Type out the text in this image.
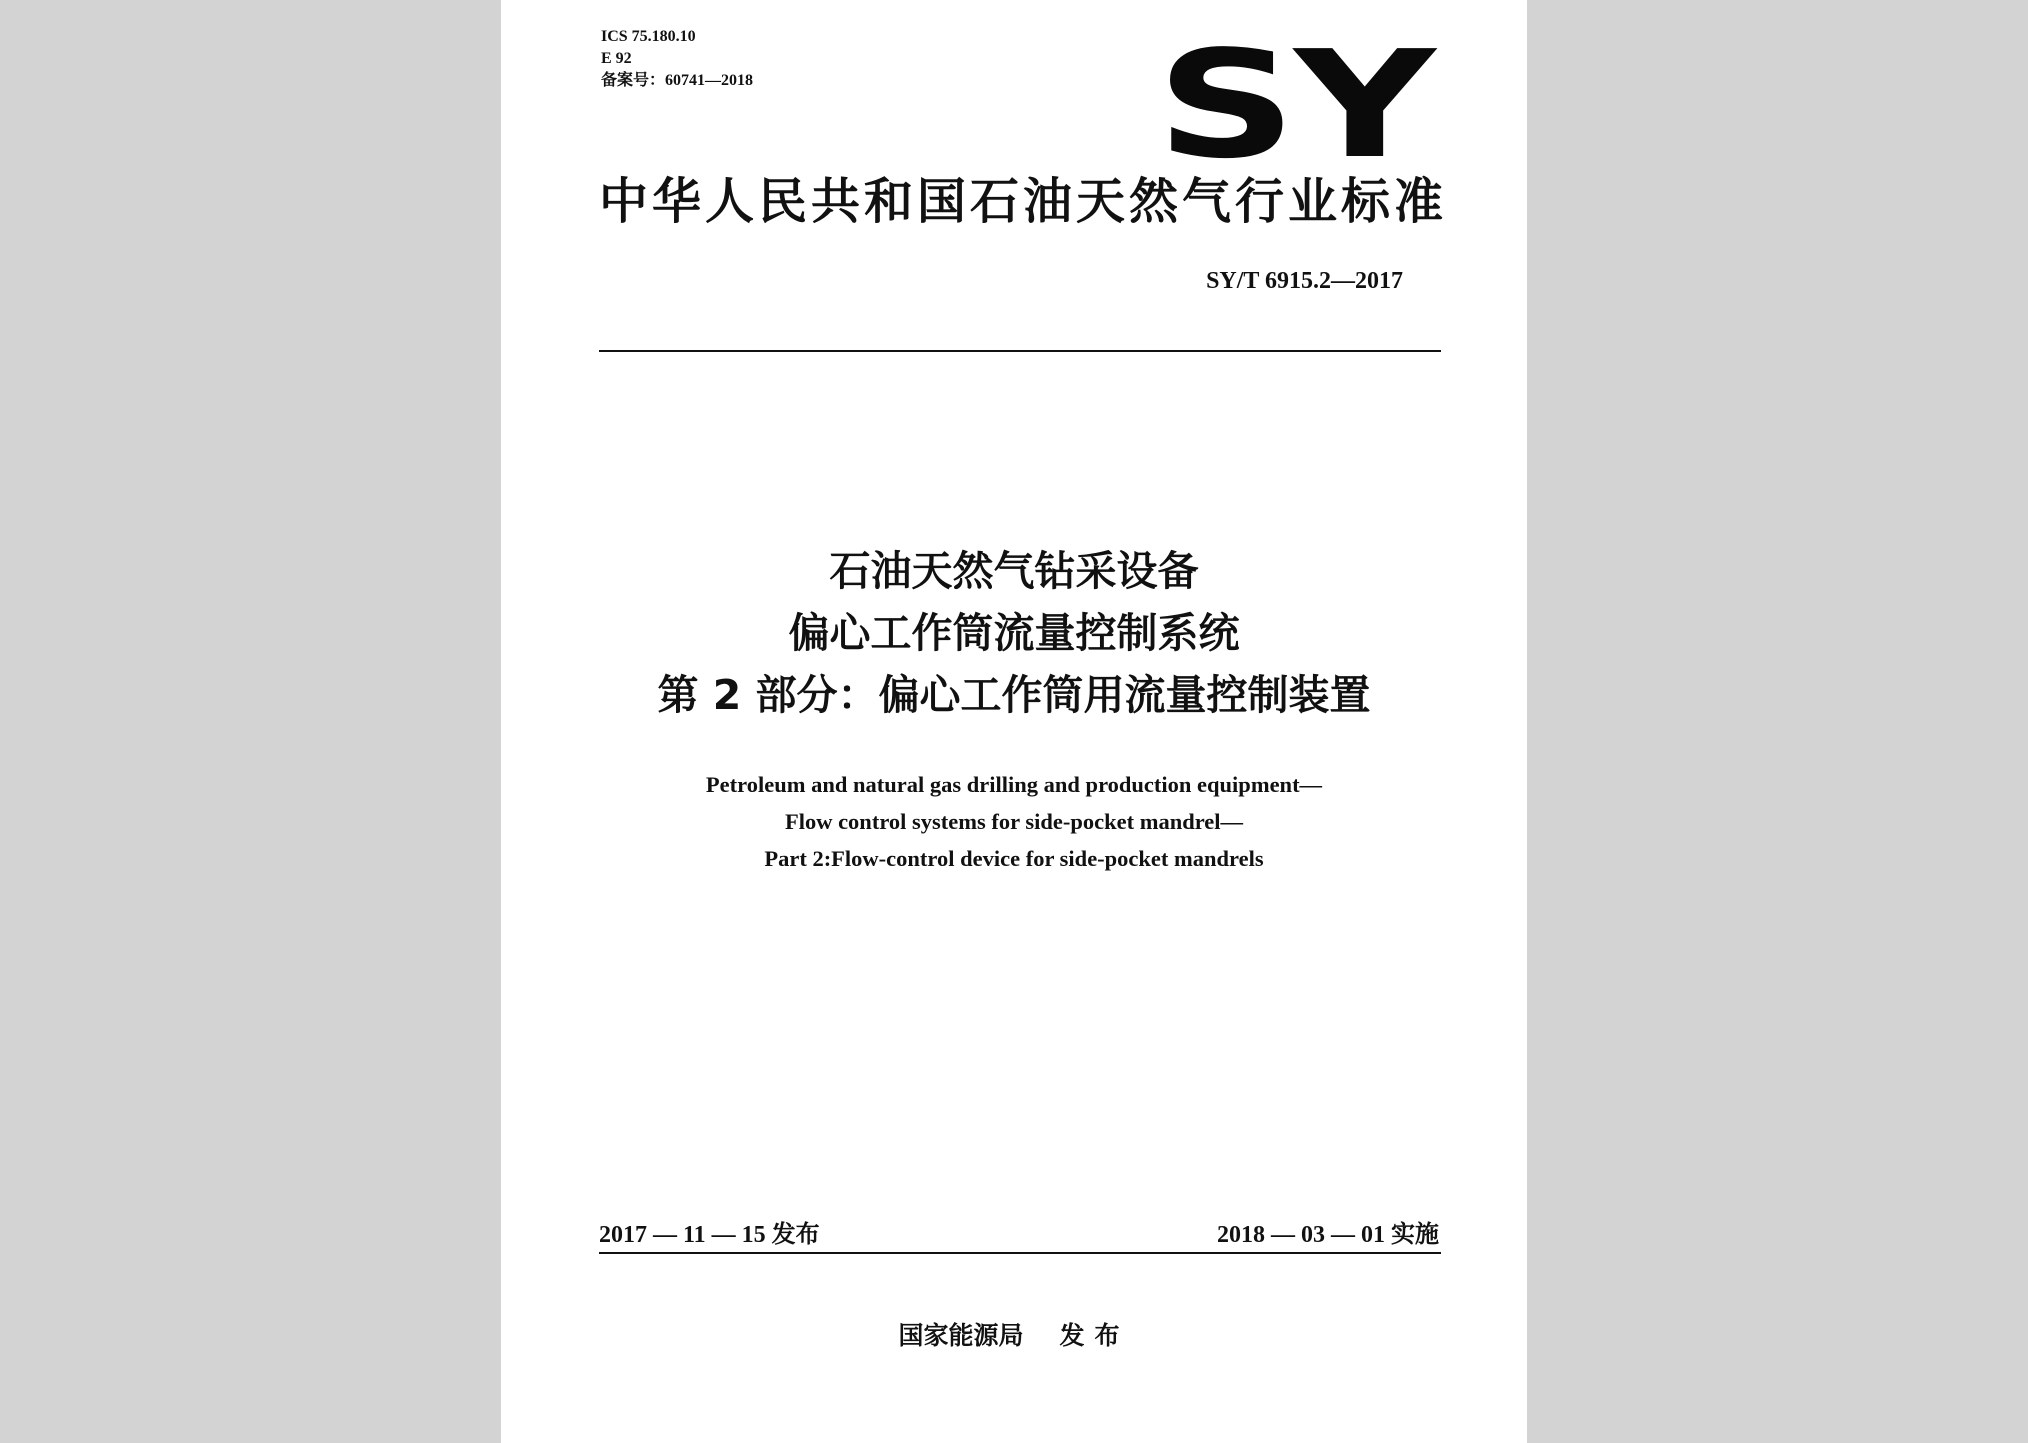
ICS 75.180.10
E 92
备案号：60741—2018	SY
中华人民共和国石油天然气行业标准
SY/T 6915.2—2017
石油天然气钻采设备
偏心工作筒流量控制系统
第 2 部分：偏心工作筒用流量控制装置
Petroleum and natural gas drilling and production equipment—
Flow control systems for side-pocket mandrel—
Part 2:Flow-control device for side-pocket mandrels
2017 — 11 — 15 发布	2018 — 03 — 01 实施
国家能源局 发布
